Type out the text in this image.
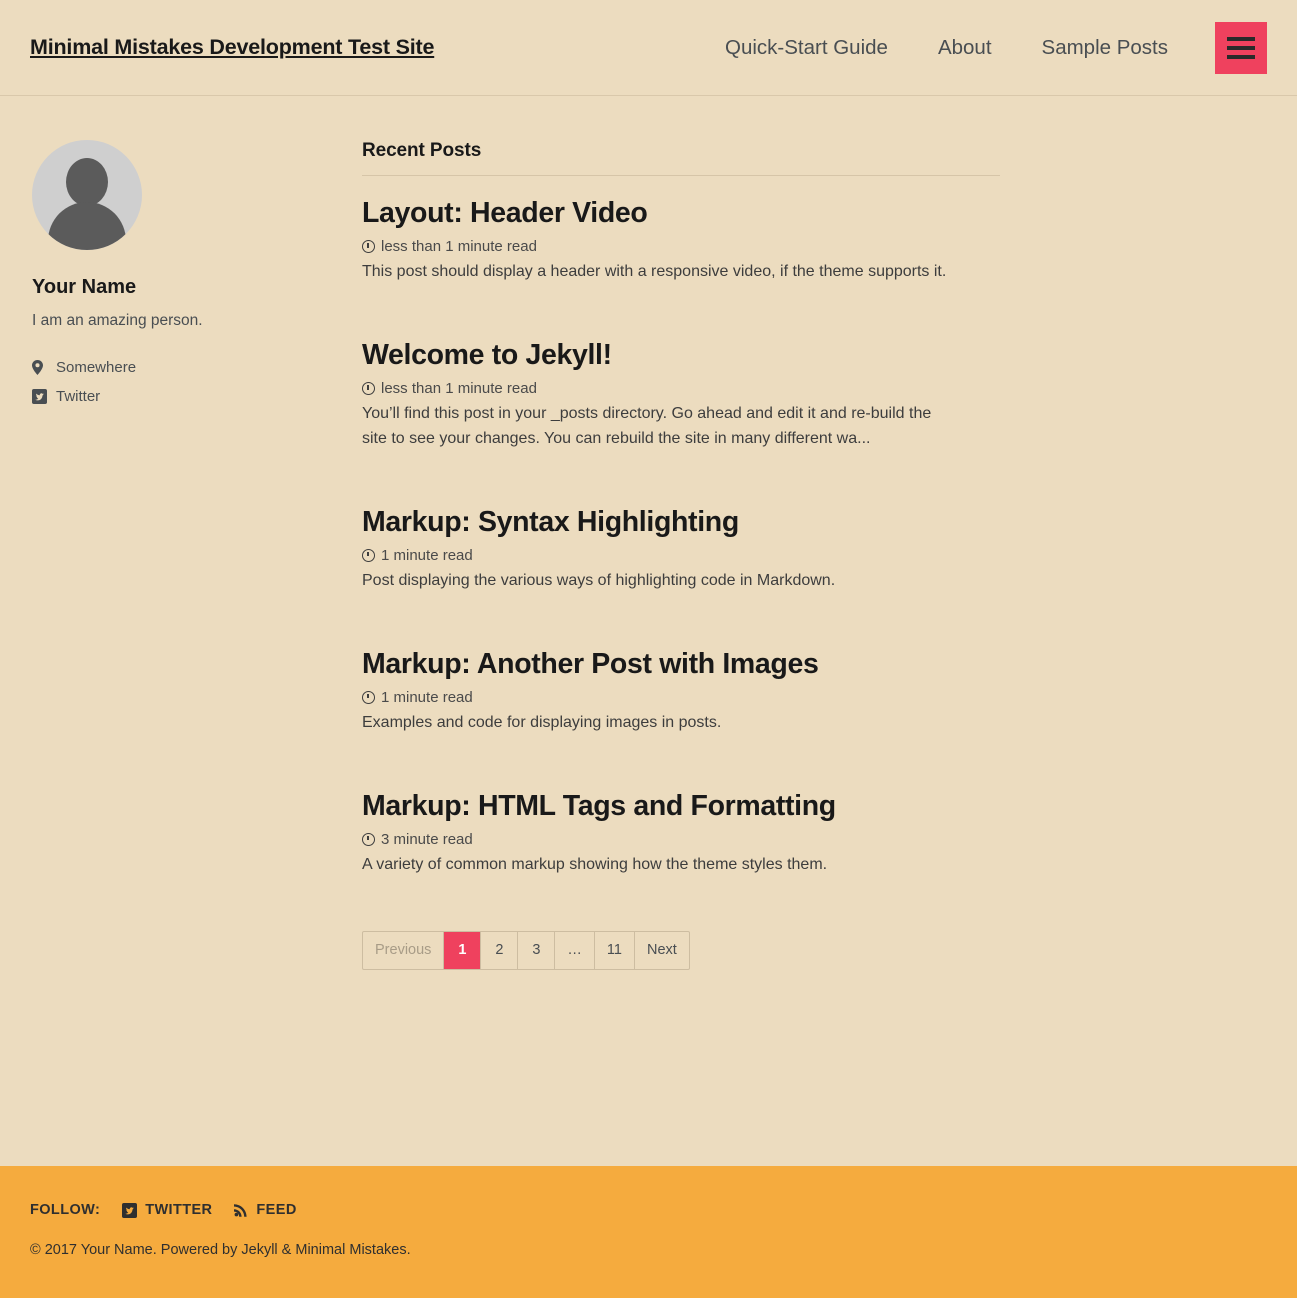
Minimal Mistakes Development Test Site	Quick-Start Guide	About	Sample Posts
Your Name

I am an amazing person.

Somewhere
Twitter
Recent Posts
Layout: Header Video

less than 1 minute read

This post should display a header with a responsive video, if the theme supports it.

Welcome to Jekyll!

less than 1 minute read

You’ll find this post in your _posts directory. Go ahead and edit it and re-build the site to see your changes. You can rebuild the site in many different wa...

Markup: Syntax Highlighting

1 minute read

Post displaying the various ways of highlighting code in Markdown.

Markup: Another Post with Images

1 minute read

Examples and code for displaying images in posts.

Markup: HTML Tags and Formatting

3 minute read

A variety of common markup showing how the theme styles them.

Previous	1	2	3	…	11	Next
FOLLOW:	TWITTER	FEED
© 2017 Your Name. Powered by Jekyll & Minimal Mistakes.
